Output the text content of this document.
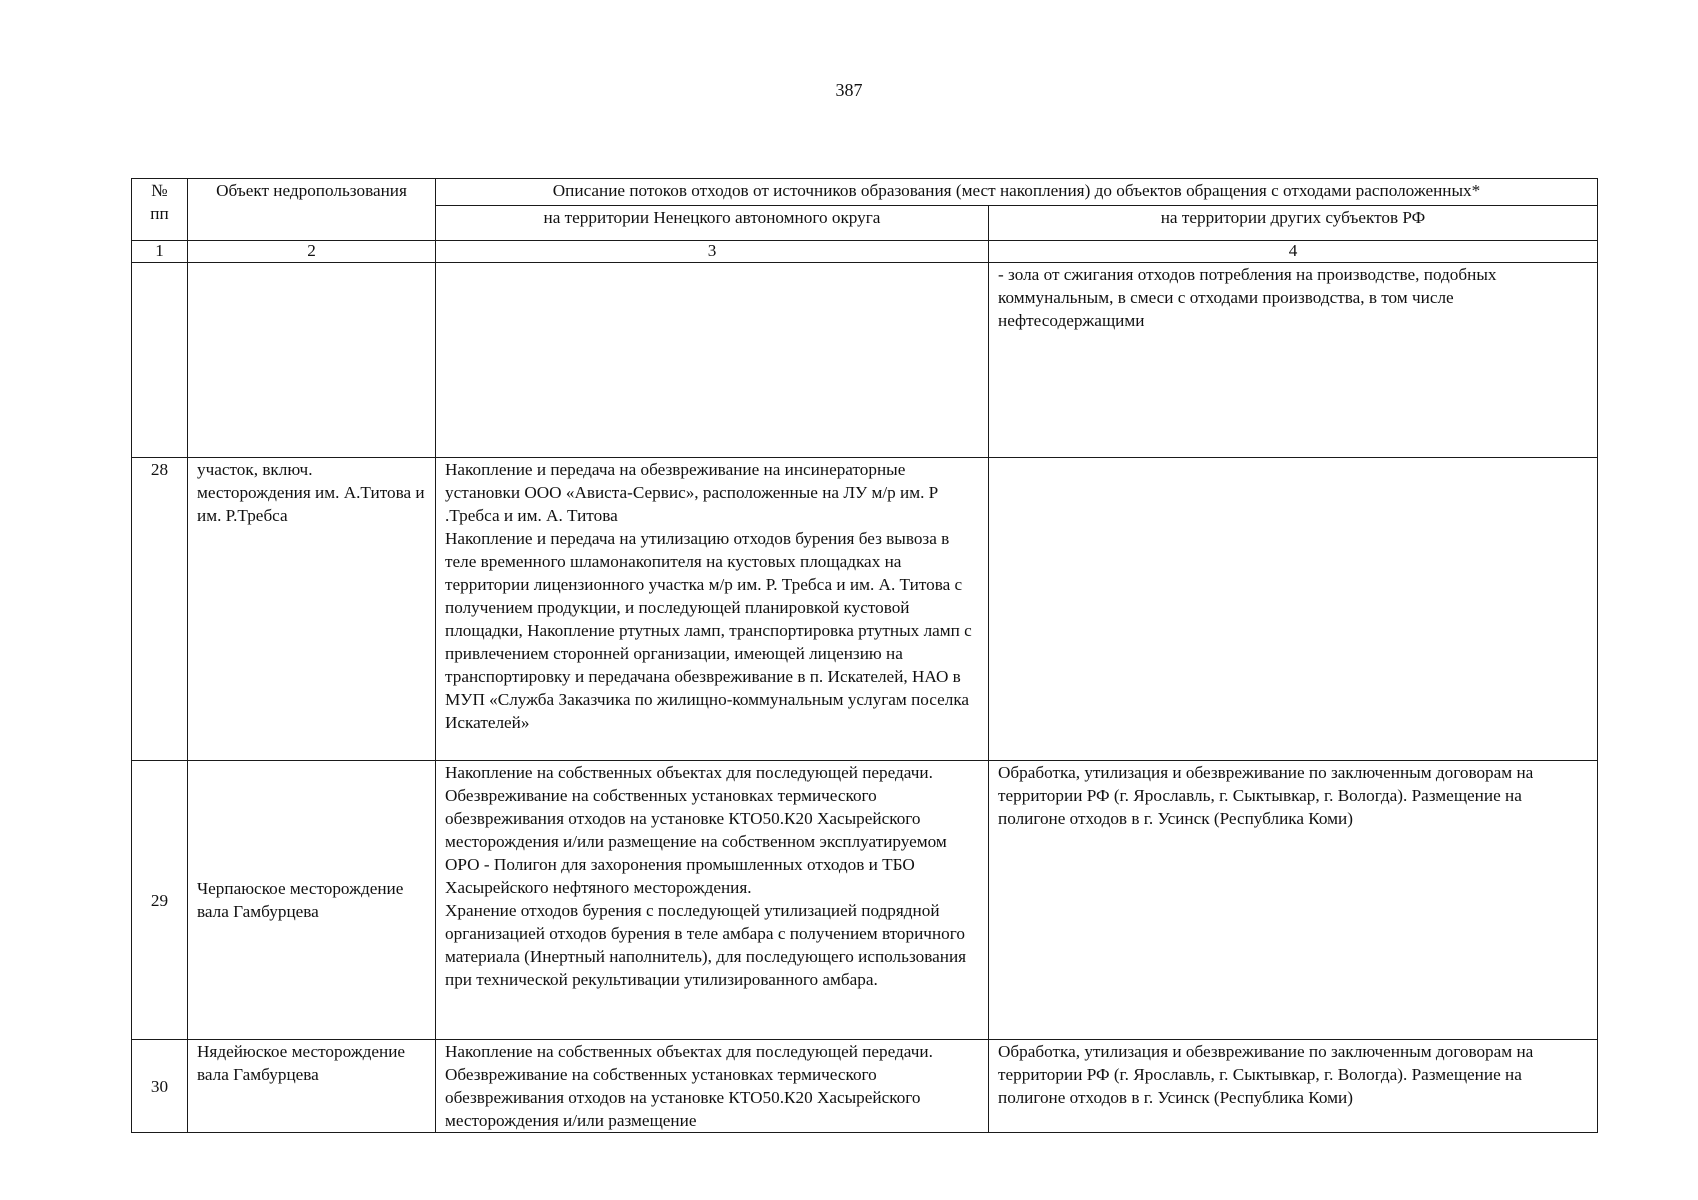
387
№
пп	Объект недропользования	Описание потоков отходов от источников образования (мест накопления) до объектов обращения с отходами расположенных*	
		на территории Ненецкого автономного округа	на территории других субъектов РФ
1	2	3	4

			- зола от сжигания отходов потребления на производстве, подобных коммунальным, в смеси с отходами производства, в том числе нефтесодержащими

28	участок, включ. месторождения им. А.Титова и им. Р.Требса	Накопление и передача на обезвреживание на инсинераторные установки ООО «Ависта-Сервис», расположенные на ЛУ м/р им. Р .Требса и им. А. Титова
Накопление и передача на утилизацию отходов бурения без вывоза в теле временного шламонакопителя на кустовых площадках на территории лицензионного участка м/р им. Р. Требса и им. А. Титова с получением продукции, и последующей планировкой кустовой площадки, Накопление ртутных ламп, транспортировка ртутных ламп с привлечением сторонней организации, имеющей лицензию на транспортировку и передачана обезвреживание в п. Искателей, НАО в МУП «Служба Заказчика по жилищно-коммунальным услугам поселка Искателей»	

29	Черпаюское месторождение вала Гамбурцева	Накопление на собственных объектах для последующей передачи. Обезвреживание на собственных установках термического обезвреживания отходов на установке КТО50.К20 Хасырейского месторождения и/или размещение на собственном эксплуатируемом ОРО - Полигон для захоронения промышленных отходов и ТБО Хасырейского нефтяного месторождения.
Хранение отходов бурения с последующей утилизацией подрядной организацией отходов бурения в теле амбара с получением вторичного материала (Инертный наполнитель), для последующего использования при технической рекультивации утилизированного амбара.	Обработка, утилизация и обезвреживание по заключенным договорам на территории РФ (г. Ярославль, г. Сыктывкар, г. Вологда). Размещение на полигоне отходов в г. Усинск (Республика Коми)

30	Нядейюское месторождение вала Гамбурцева	Накопление на собственных объектах для последующей передачи. Обезвреживание на собственных установках термического обезвреживания отходов на установке КТО50.К20 Хасырейского месторождения и/или размещение	Обработка, утилизация и обезвреживание по заключенным договорам на территории РФ (г. Ярославль, г. Сыктывкар, г. Вологда). Размещение на полигоне отходов в г. Усинск (Республика Коми)
